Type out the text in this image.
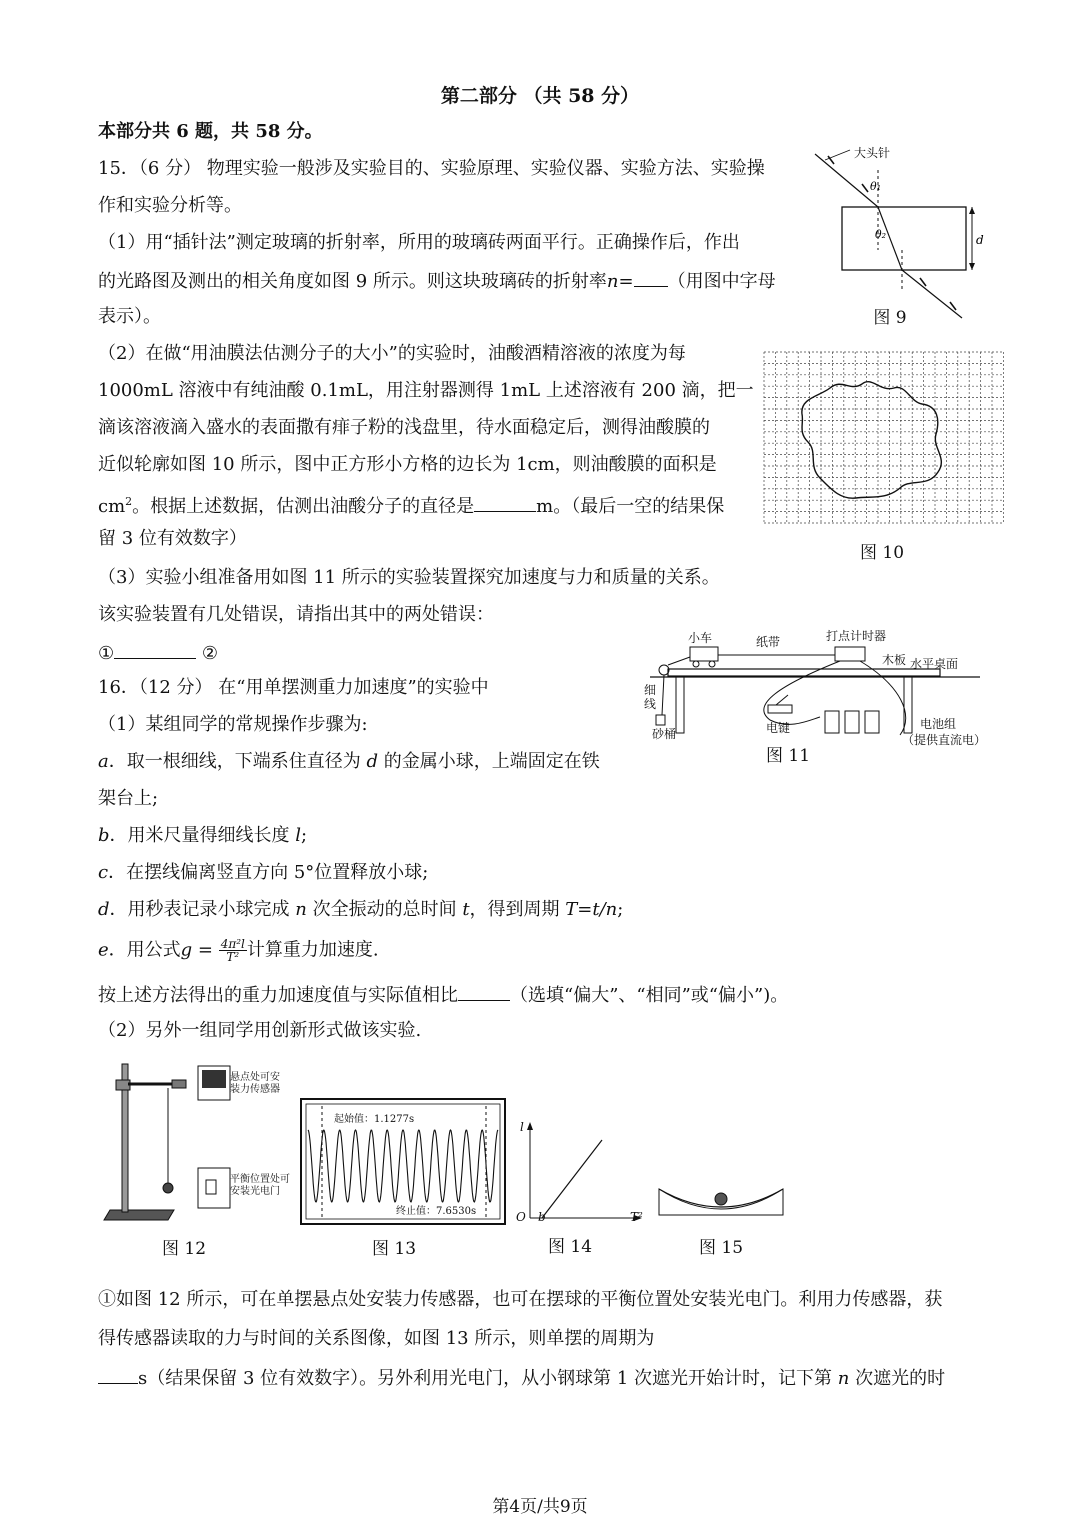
第二部分 （共 58 分）
本部分共 6 题，共 58 分。
15．（6 分） 物理实验一般涉及实验目的、实验原理、实验仪器、实验方法、实验操
作和实验分析等。
（1）用“插针法”测定玻璃的折射率，所用的玻璃砖两面平行。正确操作后，作出
的光路图及测出的相关角度如图 9 所示。则这块玻璃砖的折射率n= （用图中字母
表示）。
（2）在做“用油膜法估测分子的大小”的实验时，油酸酒精溶液的浓度为每
1000mL 溶液中有纯油酸 0.1mL，用注射器测得 1mL 上述溶液有 200 滴，把一
滴该溶液滴入盛水的表面撒有痱子粉的浅盘里，待水面稳定后，测得油酸膜的
近似轮廓如图 10 所示，图中正方形小方格的边长为 1cm，则油酸膜的面积是
$cm^2$。根据上述数据，估测出油酸分子的直径是	m。（最后一空的结果保
留 3 位有效数字）
（3）实验小组准备用如图 11 所示的实验装置探究加速度与力和质量的关系。
该实验装置有几处错误，请指出其中的两处错误：
①	②
16．（12 分） 在“用单摆测重力加速度”的实验中
（1）某组同学的常规操作步骤为:
a．取一根细线，下端系住直径为 d 的金属小球，上端固定在铁
架台上;
b．用米尺量得细线长度 l;
c．在摆线偏离竖直方向 5°位置释放小球;
d．用秒表记录小球完成 n 次全振动的总时间 t，得到周期 T=t/n;
e．用公式$g = \frac{\text{4π²l}}{\text{T²}}$ 计算重力加速度.
按上述方法得出的重力加速度值与实际值相比	（选填“偏大”、“相同”或“偏小”)。
（2）另外一组同学用创新形式做该实验.
①如图 12 所示，可在单摆悬点处安装力传感器，也可在摆球的平衡位置处安装光电门。利用力传感器，获
得传感器读取的力与时间的关系图像，如图 13 所示，则单摆的周期为
s（结果保留 3 位有效数字）。另外利用光电门，从小钢球第 1 次遮光开始计时，记下第 n 次遮光的时
θ₁
θ₂	d
大头针
图 9
图 10
小车	纸带	打点计时器
木板 水平桌面
细线
砂桶	电键	电池组
（提供直流电）
图 11
悬点处可安
装力传感器
平衡位置处可
安装光电门
图 12
起始值：1.1277s
终止值：7.6530s
图 13
l
T²
O b
图 14	图 15
第4页/共9页
